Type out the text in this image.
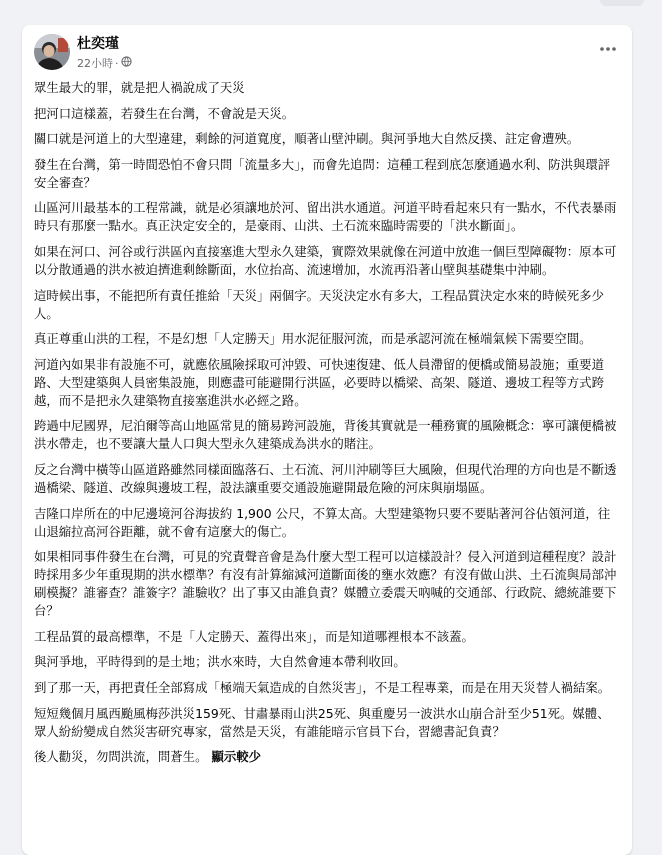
杜奕瑾
22小時 ·

眾生最大的罪，就是把人禍說成了天災

把河口這樣蓋，若發生在台灣，不會說是天災。

關口就是河道上的大型違建，剩餘的河道寬度，順著山壁沖刷。與河爭地大自然反撲、註定會遭殃。

發生在台灣，第一時間恐怕不會只問「流量多大」，而會先追問：這種工程到底怎麼通過水利、防洪與環評安全審查？

山區河川最基本的工程常識，就是必須讓地於河、留出洪水通道。河道平時看起來只有一點水，不代表暴雨時只有那麼一點水。真正決定安全的，是豪雨、山洪、土石流來臨時需要的「洪水斷面」。

如果在河口、河谷或行洪區內直接塞進大型永久建築，實際效果就像在河道中放進一個巨型障礙物：原本可以分散通過的洪水被迫擠進剩餘斷面，水位抬高、流速增加，水流再沿著山壁與基礎集中沖刷。

這時候出事，不能把所有責任推給「天災」兩個字。天災決定水有多大，工程品質決定水來的時候死多少人。

真正尊重山洪的工程，不是幻想「人定勝天」用水泥征服河流，而是承認河流在極端氣候下需要空間。

河道內如果非有設施不可，就應依風險採取可沖毀、可快速復建、低人員滯留的便橋或簡易設施；重要道路、大型建築與人員密集設施，則應盡可能避開行洪區，必要時以橋梁、高架、隧道、邊坡工程等方式跨越，而不是把永久建築物直接塞進洪水必經之路。

跨過中尼國界，尼泊爾等高山地區常見的簡易跨河設施，背後其實就是一種務實的風險概念：寧可讓便橋被洪水帶走，也不要讓大量人口與大型永久建築成為洪水的賭注。

反之台灣中橫等山區道路雖然同樣面臨落石、土石流、河川沖刷等巨大風險，但現代治理的方向也是不斷透過橋梁、隧道、改線與邊坡工程，設法讓重要交通設施避開最危險的河床與崩塌區。

吉隆口岸所在的中尼邊境河谷海拔約 1,900 公尺，不算太高。大型建築物只要不要貼著河谷佔領河道，往山退縮拉高河谷距離，就不會有這麼大的傷亡。

如果相同事件發生在台灣，可見的究責聲音會是為什麼大型工程可以這樣設計？侵入河道到這種程度？設計時採用多少年重現期的洪水標準？有沒有計算縮減河道斷面後的壅水效應？有沒有做山洪、土石流與局部沖刷模擬？誰審查？誰簽字？誰驗收？出了事又由誰負責？媒體立委震天吶喊的交通部、行政院、總統誰要下台？

工程品質的最高標準，不是「人定勝天、蓋得出來」，而是知道哪裡根本不該蓋。

與河爭地，平時得到的是土地；洪水來時，大自然會連本帶利收回。

到了那一天，再把責任全部寫成「極端天氣造成的自然災害」，不是工程專業，而是在用天災替人禍結案。

短短幾個月風西颱風梅莎洪災159死、甘肅暴雨山洪25死、與重慶另一波洪水山崩合計至少51死。媒體、眾人紛紛變成自然災害研究專家，當然是天災，有誰能暗示官員下台，習總書記負責？

後人勸災，勿問洪流，問蒼生。 顯示較少
